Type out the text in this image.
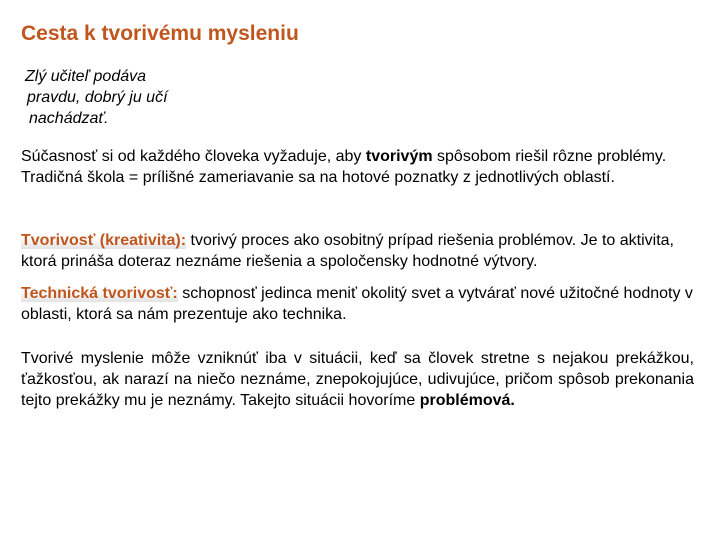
Cesta k tvorivému mysleniu
Zlý učiteľ podáva
pravdu, dobrý ju učí
nachádzať.
Súčasnosť si od každého človeka vyžaduje, aby tvorivým spôsobom riešil rôzne problémy.
Tradičná škola = prílišné zameriavanie sa na hotové poznatky z jednotlivých oblastí.

Tvorivosť (kreativita): tvorivý proces ako osobitný prípad riešenia problémov. Je to aktivita, ktorá prináša doteraz neznáme riešenia a spoločensky hodnotné výtvory.

Technická tvorivosť: schopnosť jedinca meniť okolitý svet a vytvárať nové užitočné hodnoty v oblasti, ktorá sa nám prezentuje ako technika.

Tvorivé myslenie môže vzniknúť iba v situácii, keď sa človek stretne s nejakou prekážkou, ťažkosťou, ak narazí na niečo neznáme, znepokojujúce, udivujúce, pričom spôsob prekonania tejto prekážky mu je neznámy. Takejto situácii hovoríme problémová.
